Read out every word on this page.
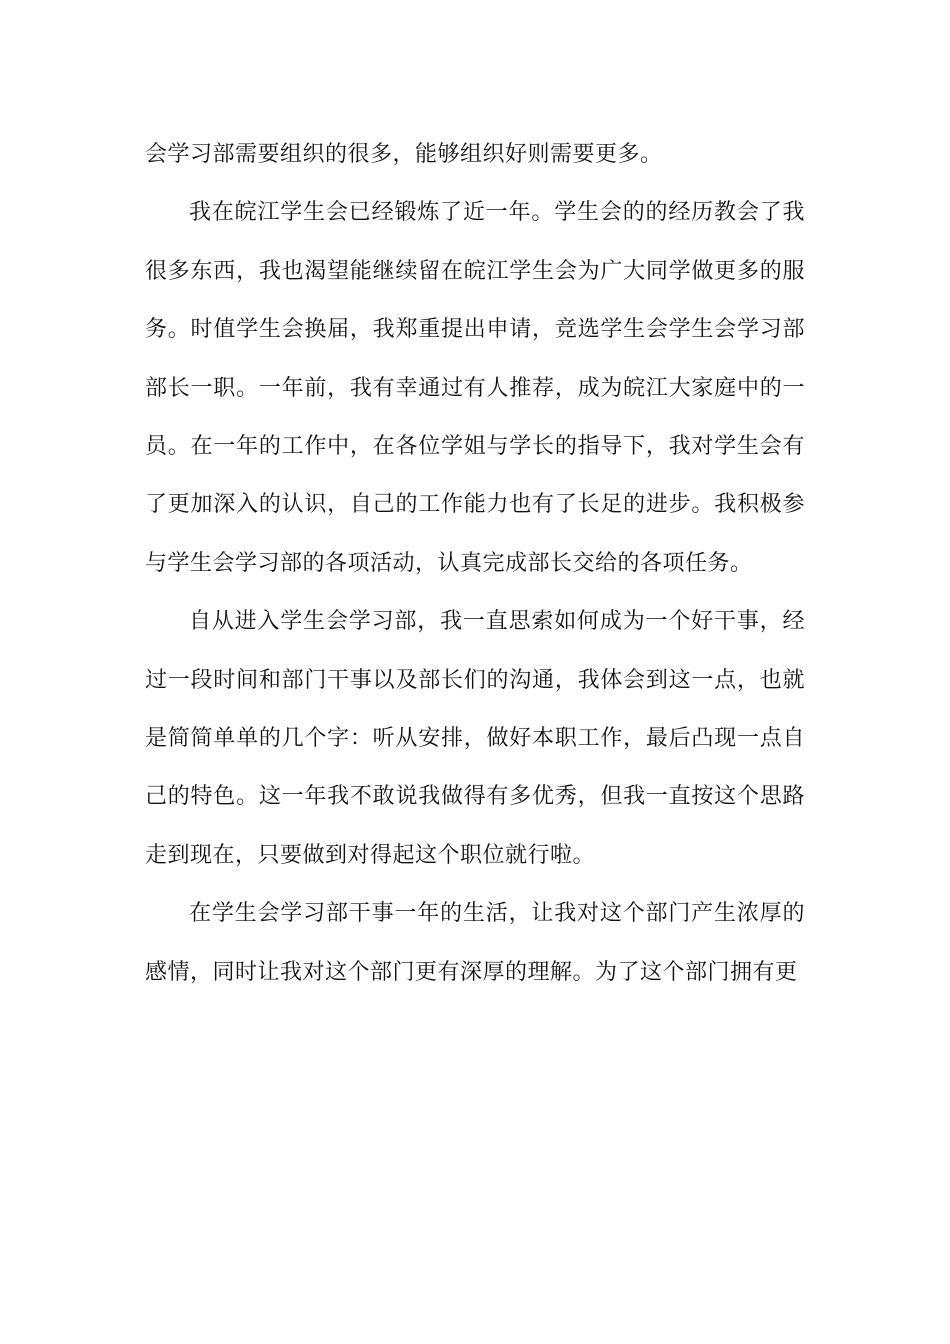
会学习部需要组织的很多，能够组织好则需要更多。

我在皖江学生会已经锻炼了近一年。学生会的的经历教会了我很多东西，我也渴望能继续留在皖江学生会为广大同学做更多的服务。时值学生会换届，我郑重提出申请，竞选学生会学生会学习部部长一职。一年前，我有幸通过有人推荐，成为皖江大家庭中的一员。在一年的工作中，在各位学姐与学长的指导下，我对学生会有了更加深入的认识，自己的工作能力也有了长足的进步。我积极参与学生会学习部的各项活动，认真完成部长交给的各项任务。

自从进入学生会学习部，我一直思索如何成为一个好干事，经过一段时间和部门干事以及部长们的沟通，我体会到这一点，也就是简简单单的几个字：听从安排，做好本职工作，最后凸现一点自己的特色。这一年我不敢说我做得有多优秀，但我一直按这个思路走到现在，只要做到对得起这个职位就行啦。

在学生会学习部干事一年的生活，让我对这个部门产生浓厚的感情，同时让我对这个部门更有深厚的理解。为了这个部门拥有更
